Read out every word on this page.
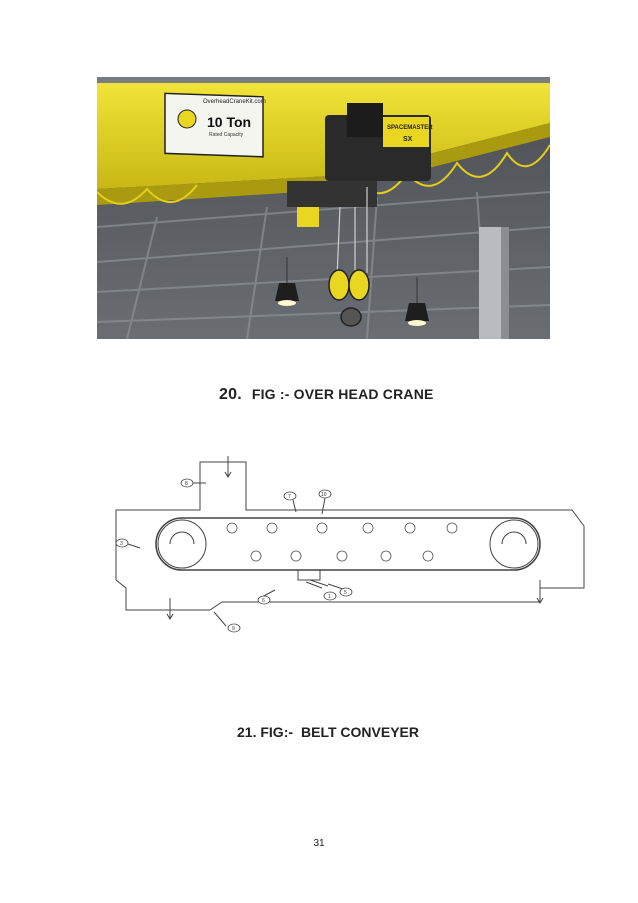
OverheadCraneKit.com
10 Ton
Rated Capacity
SPACEMASTER
SX
20. FIG :- OVER HEAD CRANE
8
7	10
3
6
5
1
9
21. FIG:- BELT CONVEYER
31
